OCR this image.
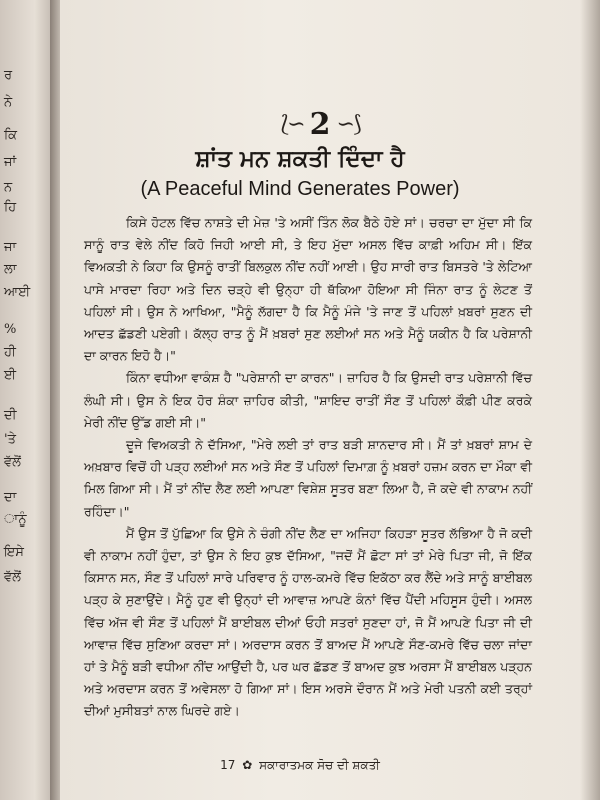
ਰ
ਨੇ
ਕਿ
ਜਾਂ
ਨ
ਹਿ
ਜਾ
ਲਾ
ਆਈ
%
ਹੀ
ਈ
ਦੀ
'ਤੇ
ਵੱਲੋਂ
ਦਾ
ਾਨੂੰ
ਇਸੇ
ਵੱਲੋਂ
⟅∽ 2 ∽⟆
ਸ਼ਾਂਤ ਮਨ ਸ਼ਕਤੀ ਦਿੰਦਾ ਹੈ
(A Peaceful Mind Generates Power)

ਕਿਸੇ ਹੋਟਲ ਵਿੱਚ ਨਾਸ਼ਤੇ ਦੀ ਮੇਜ਼ 'ਤੇ ਅਸੀਂ ਤਿੰਨ ਲੋਕ ਬੈਠੇ ਹੋਏ ਸਾਂ। ਚਰਚਾ ਦਾ ਮੁੱਦਾ ਸੀ ਕਿ ਸਾਨੂੰ ਰਾਤ ਵੇਲੇ ਨੀਂਦ ਕਿਹੋ ਜਿਹੀ ਆਈ ਸੀ, ਤੇ ਇਹ ਮੁੱਦਾ ਅਸਲ ਵਿੱਚ ਕਾਫ਼ੀ ਅਹਿਮ ਸੀ। ਇੱਕ ਵਿਅਕਤੀ ਨੇ ਕਿਹਾ ਕਿ ਉਸਨੂੰ ਰਾਤੀਂ ਬਿਲਕੁਲ ਨੀਂਦ ਨਹੀਂ ਆਈ। ਉਹ ਸਾਰੀ ਰਾਤ ਬਿਸਤਰੇ 'ਤੇ ਲੇਟਿਆ ਪਾਸੇ ਮਾਰਦਾ ਰਿਹਾ ਅਤੇ ਦਿਨ ਚੜ੍ਹੇ ਵੀ ਉਨ੍ਹਾ ਹੀ ਥੱਕਿਆ ਹੋਇਆ ਸੀ ਜਿੰਨਾ ਰਾਤ ਨੂੰ ਲੇਟਣ ਤੋਂ ਪਹਿਲਾਂ ਸੀ। ਉਸ ਨੇ ਆਖਿਆ, "ਮੈਨੂੰ ਲੱਗਦਾ ਹੈ ਕਿ ਮੈਨੂੰ ਮੰਜੇ 'ਤੇ ਜਾਣ ਤੋਂ ਪਹਿਲਾਂ ਖ਼ਬਰਾਂ ਸੁਣਨ ਦੀ ਆਦਤ ਛੱਡਣੀ ਪਏਗੀ। ਕੱਲ੍ਹ ਰਾਤ ਨੂੰ ਮੈਂ ਖ਼ਬਰਾਂ ਸੁਣ ਲਈਆਂ ਸਨ ਅਤੇ ਮੈਨੂੰ ਯਕੀਨ ਹੈ ਕਿ ਪਰੇਸ਼ਾਨੀ ਦਾ ਕਾਰਨ ਇਹੋ ਹੈ।"

ਕਿੰਨਾ ਵਧੀਆ ਵਾਕੰਸ਼ ਹੈ "ਪਰੇਸ਼ਾਨੀ ਦਾ ਕਾਰਨ"। ਜ਼ਾਹਿਰ ਹੈ ਕਿ ਉਸਦੀ ਰਾਤ ਪਰੇਸ਼ਾਨੀ ਵਿੱਚ ਲੰਘੀ ਸੀ। ਉਸ ਨੇ ਇਕ ਹੋਰ ਸ਼ੰਕਾ ਜ਼ਾਹਿਰ ਕੀਤੀ, "ਸ਼ਾਇਦ ਰਾਤੀਂ ਸੌਣ ਤੋਂ ਪਹਿਲਾਂ ਕੌਫ਼ੀ ਪੀਣ ਕਰਕੇ ਮੇਰੀ ਨੀਂਦ ਉੱਡ ਗਈ ਸੀ।"

ਦੂਜੇ ਵਿਅਕਤੀ ਨੇ ਦੱਸਿਆ, "ਮੇਰੇ ਲਈ ਤਾਂ ਰਾਤ ਬੜੀ ਸ਼ਾਨਦਾਰ ਸੀ। ਮੈਂ ਤਾਂ ਖ਼ਬਰਾਂ ਸ਼ਾਮ ਦੇ ਅਖ਼ਬਾਰ ਵਿਚੋਂ ਹੀ ਪੜ੍ਹ ਲਈਆਂ ਸਨ ਅਤੇ ਸੌਣ ਤੋਂ ਪਹਿਲਾਂ ਦਿਮਾਗ਼ ਨੂੰ ਖ਼ਬਰਾਂ ਹਜ਼ਮ ਕਰਨ ਦਾ ਮੌਕਾ ਵੀ ਮਿਲ ਗਿਆ ਸੀ। ਮੈਂ ਤਾਂ ਨੀਂਦ ਲੈਣ ਲਈ ਆਪਣਾ ਵਿਸ਼ੇਸ਼ ਸੂਤਰ ਬਣਾ ਲਿਆ ਹੈ, ਜੋ ਕਦੇ ਵੀ ਨਾਕਾਮ ਨਹੀਂ ਰਹਿੰਦਾ।"

ਮੈਂ ਉਸ ਤੋਂ ਪੁੱਛਿਆ ਕਿ ਉਸੇ ਨੇ ਚੰਗੀ ਨੀਂਦ ਲੈਣ ਦਾ ਅਜਿਹਾ ਕਿਹੜਾ ਸੂਤਰ ਲੱਭਿਆ ਹੈ ਜੋ ਕਦੀ ਵੀ ਨਾਕਾਮ ਨਹੀਂ ਹੁੰਦਾ, ਤਾਂ ਉਸ ਨੇ ਇਹ ਕੁਝ ਦੱਸਿਆ, "ਜਦੋਂ ਮੈਂ ਛੋਟਾ ਸਾਂ ਤਾਂ ਮੇਰੇ ਪਿਤਾ ਜੀ, ਜੋ ਇੱਕ ਕਿਸਾਨ ਸਨ, ਸੌਣ ਤੋਂ ਪਹਿਲਾਂ ਸਾਰੇ ਪਰਿਵਾਰ ਨੂੰ ਹਾਲ-ਕਮਰੇ ਵਿੱਚ ਇਕੱਠਾ ਕਰ ਲੈਂਦੇ ਅਤੇ ਸਾਨੂੰ ਬਾਈਬਲ ਪੜ੍ਹ ਕੇ ਸੁਣਾਉਂਦੇ। ਮੈਨੂੰ ਹੁਣ ਵੀ ਉਨ੍ਹਾਂ ਦੀ ਆਵਾਜ਼ ਆਪਣੇ ਕੰਨਾਂ ਵਿੱਚ ਪੈਂਦੀ ਮਹਿਸੂਸ ਹੁੰਦੀ। ਅਸਲ ਵਿੱਚ ਅੱਜ ਵੀ ਸੌਣ ਤੋਂ ਪਹਿਲਾਂ ਮੈਂ ਬਾਈਬਲ ਦੀਆਂ ਓਹੀ ਸਤਰਾਂ ਸੁਣਦਾ ਹਾਂ, ਜੋ ਮੈਂ ਆਪਣੇ ਪਿਤਾ ਜੀ ਦੀ ਆਵਾਜ਼ ਵਿੱਚ ਸੁਣਿਆ ਕਰਦਾ ਸਾਂ। ਅਰਦਾਸ ਕਰਨ ਤੋਂ ਬਾਅਦ ਮੈਂ ਆਪਣੇ ਸੌਣ-ਕਮਰੇ ਵਿੱਚ ਚਲਾ ਜਾਂਦਾ ਹਾਂ ਤੇ ਮੈਨੂੰ ਬੜੀ ਵਧੀਆ ਨੀਂਦ ਆਉਂਦੀ ਹੈ, ਪਰ ਘਰ ਛੱਡਣ ਤੋਂ ਬਾਅਦ ਕੁਝ ਅਰਸਾ ਮੈਂ ਬਾਈਬਲ ਪੜ੍ਹਨ ਅਤੇ ਅਰਦਾਸ ਕਰਨ ਤੋਂ ਅਵੇਸਲਾ ਹੋ ਗਿਆ ਸਾਂ। ਇਸ ਅਰਸੇ ਦੌਰਾਨ ਮੈਂ ਅਤੇ ਮੇਰੀ ਪਤਨੀ ਕਈ ਤਰ੍ਹਾਂ ਦੀਆਂ ਮੁਸੀਬਤਾਂ ਨਾਲ ਘਿਰਦੇ ਗਏ।

17 ✿ ਸਕਾਰਾਤਮਕ ਸੋਚ ਦੀ ਸ਼ਕਤੀ
